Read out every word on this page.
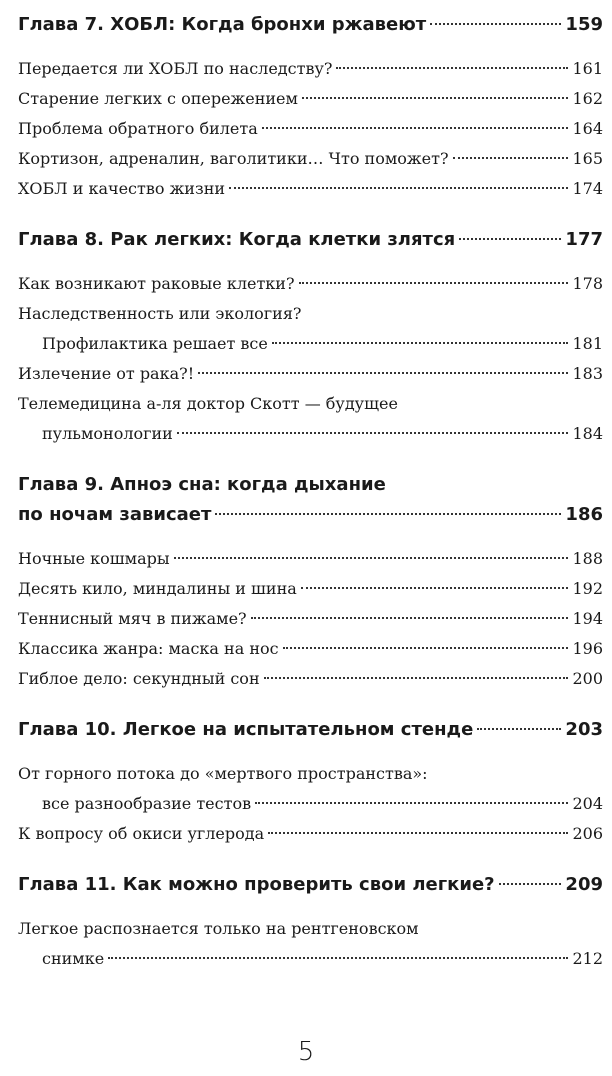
Глава 7. ХОБЛ: Когда бронхи ржавеют	159
Передается ли ХОБЛ по наследству?	161
Старение легких с опережением	162
Проблема обратного билета	164
Кортизон, адреналин, ваголитики… Что поможет?	165
ХОБЛ и качество жизни	174
Глава 8. Рак легких: Когда клетки злятся	177
Как возникают раковые клетки?	178
Наследственность или экология?
Профилактика решает все	181
Излечение от рака?!	183
Телемедицина а-ля доктор Скотт — будущее
пульмонологии	184
Глава 9. Апноэ сна: когда дыхание
по ночам зависает	186
Ночные кошмары	188
Десять кило, миндалины и шина	192
Теннисный мяч в пижаме?	194
Классика жанра: маска на нос	196
Гиблое дело: секундный сон	200
Глава 10. Легкое на испытательном стенде	203
От горного потока до «мертвого пространства»:
все разнообразие тестов	204
К вопросу об окиси углерода	206
Глава 11. Как можно проверить свои легкие?	209
Легкое распознается только на рентгеновском
снимке	212
5
